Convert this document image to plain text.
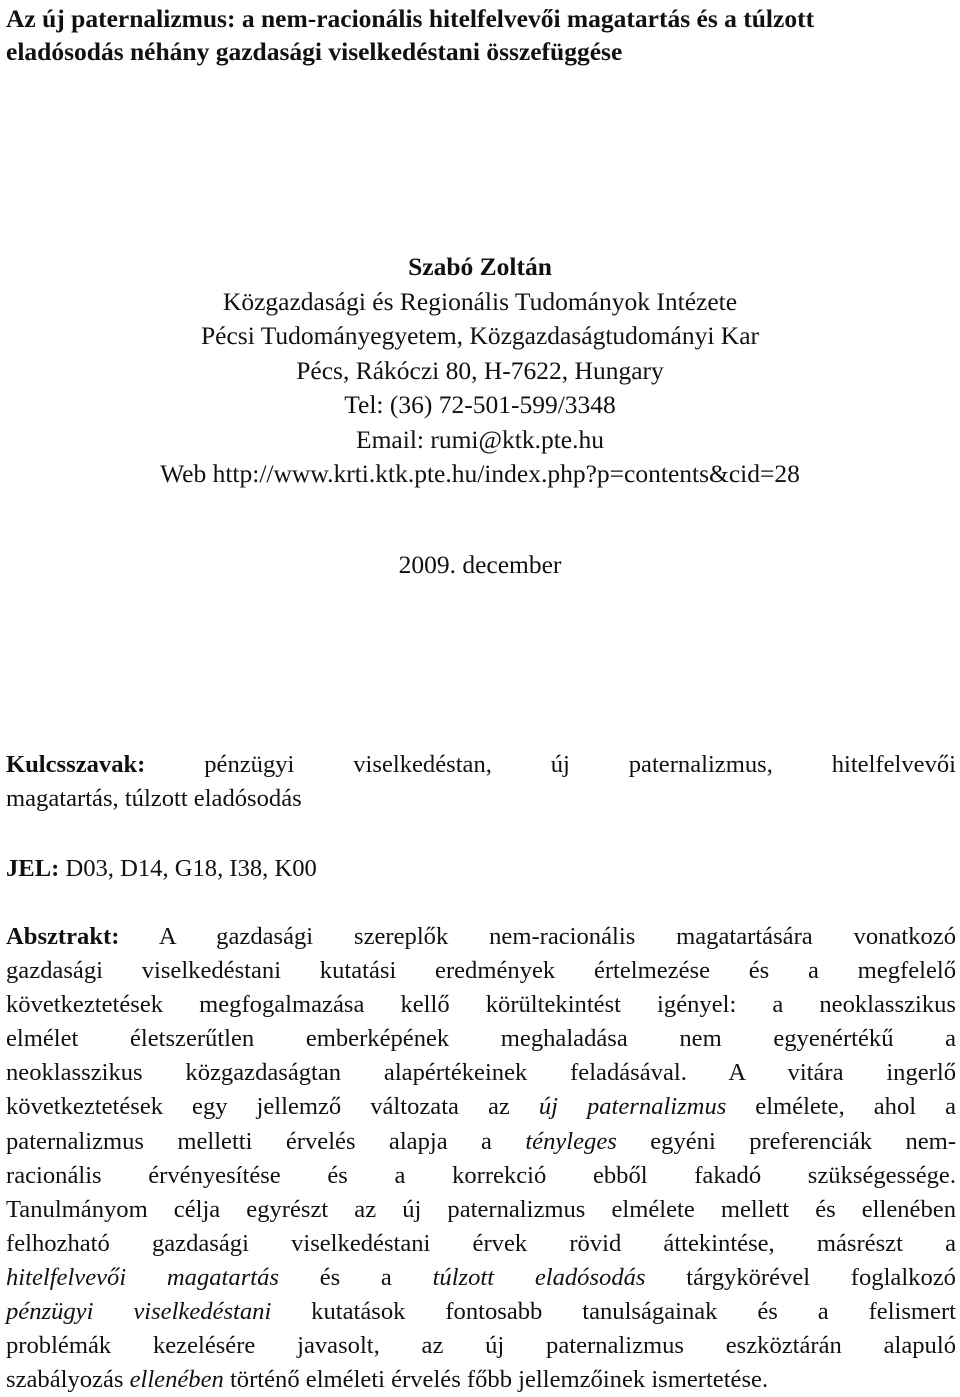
Az új paternalizmus: a nem-racionális hitelfelvevői magatartás és a túlzott
eladósodás néhány gazdasági viselkedéstani összefüggése
Szabó Zoltán
Közgazdasági és Regionális Tudományok Intézete
Pécsi Tudományegyetem, Közgazdaságtudományi Kar
Pécs, Rákóczi 80, H-7622, Hungary
Tel: (36) 72-501-599/3348
Email: rumi@ktk.pte.hu
Web http://www.krti.ktk.pte.hu/index.php?p=contents&cid=28
2009. december
Kulcsszavak: pénzügyi viselkedéstan, új paternalizmus, hitelfelvevői
magatartás, túlzott eladósodás
JEL: D03, D14, G18, I38, K00
Absztrakt: A gazdasági szereplők nem-racionális magatartására vonatkozó
gazdasági viselkedéstani kutatási eredmények értelmezése és a megfelelő
következtetések megfogalmazása kellő körültekintést igényel: a neoklasszikus
elmélet életszerűtlen emberképének meghaladása nem egyenértékű a
neoklasszikus közgazdaságtan alapértékeinek feladásával. A vitára ingerlő
következtetések egy jellemző változata az új paternalizmus elmélete, ahol a
paternalizmus melletti érvelés alapja a tényleges egyéni preferenciák nem-
racionális érvényesítése és a korrekció ebből fakadó szükségessége.
Tanulmányom célja egyrészt az új paternalizmus elmélete mellett és ellenében
felhozható gazdasági viselkedéstani érvek rövid áttekintése, másrészt a
hitelfelvevői magatartás és a túlzott eladósodás tárgykörével foglalkozó
pénzügyi viselkedéstani kutatások fontosabb tanulságainak és a felismert
problémák kezelésére javasolt, az új paternalizmus eszköztárán alapuló
szabályozás ellenében történő elméleti érvelés főbb jellemzőinek ismertetése.
